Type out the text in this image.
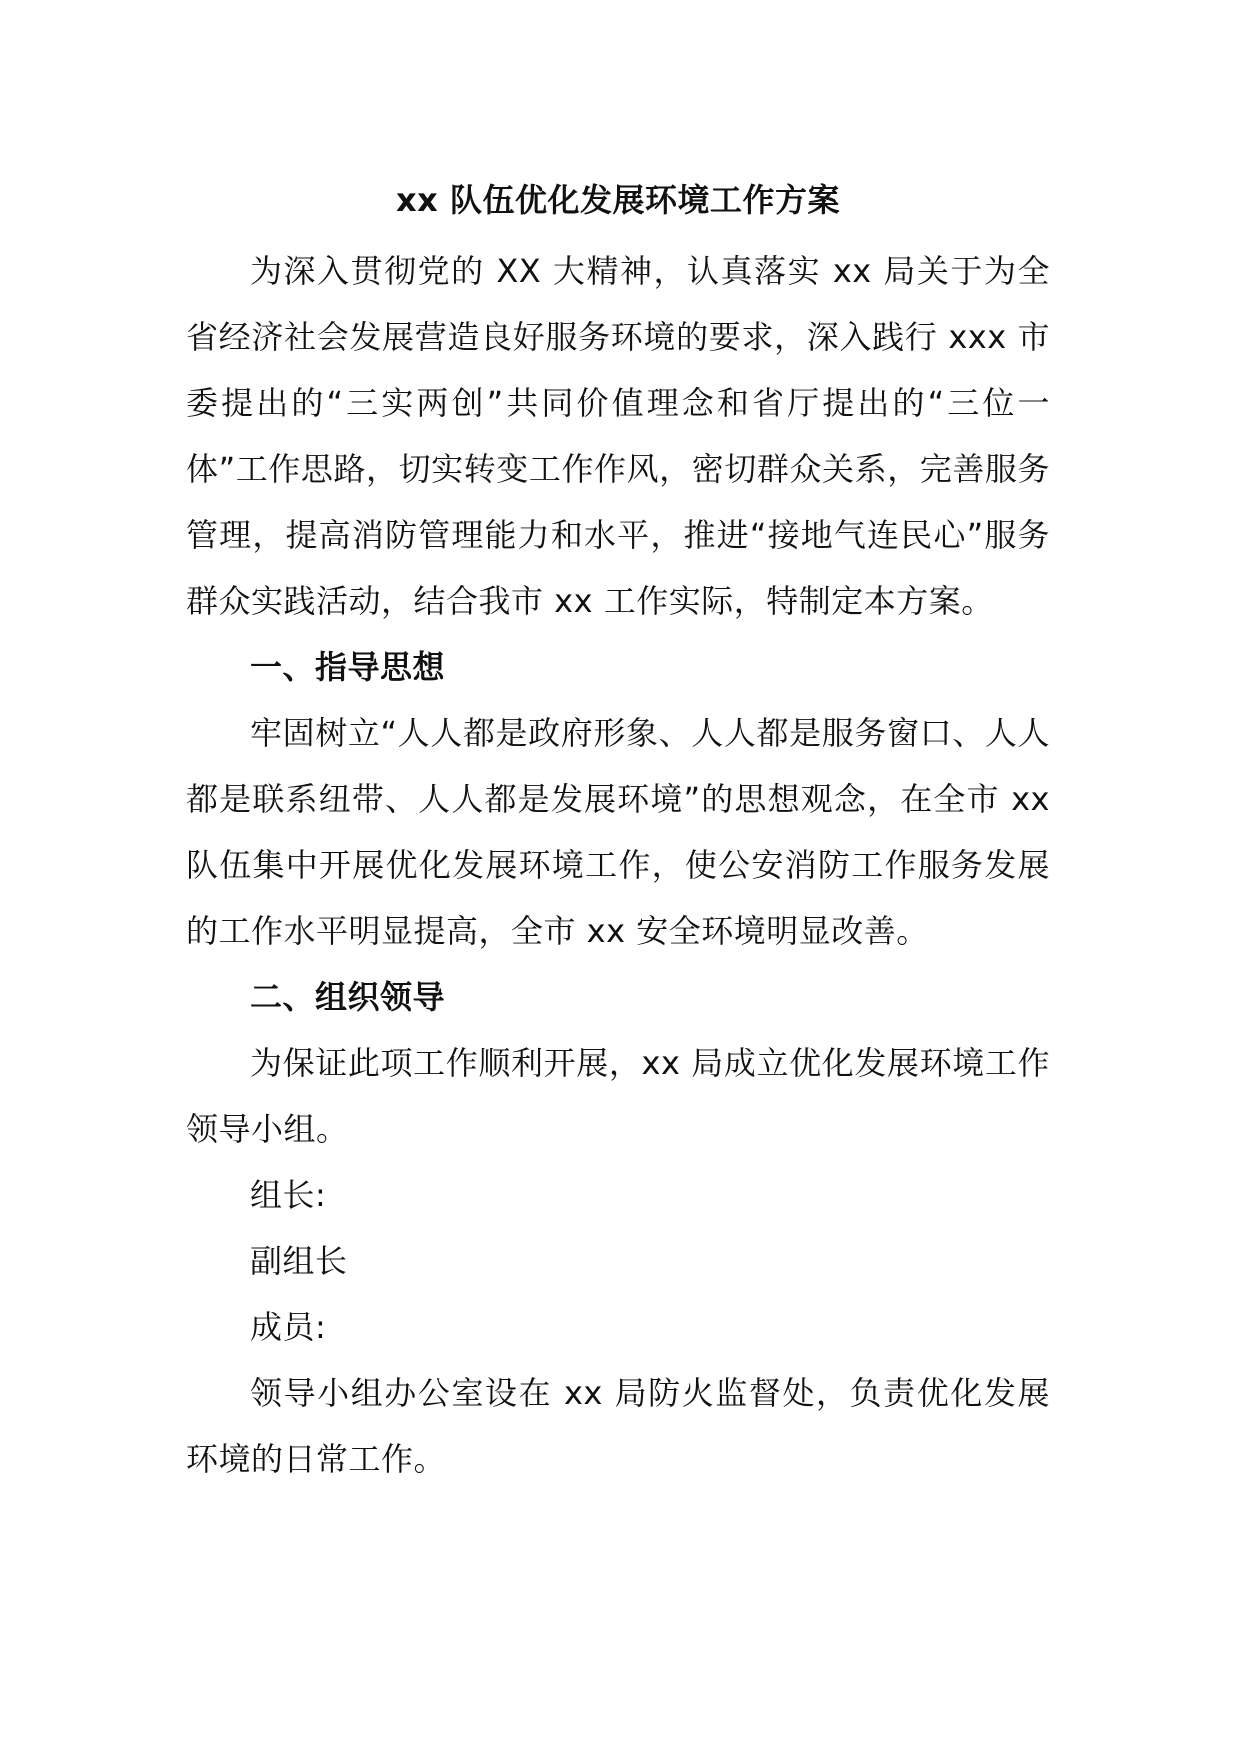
xx 队伍优化发展环境工作方案

为深入贯彻党的 XX 大精神，认真落实 xx 局关于为全省经济社会发展营造良好服务环境的要求，深入践行 xxx 市委提出的“三实两创”共同价值理念和省厅提出的“三位一体”工作思路，切实转变工作作风，密切群众关系，完善服务管理，提高消防管理能力和水平，推进“接地气连民心”服务群众实践活动，结合我市 xx 工作实际，特制定本方案。

一、指导思想

牢固树立“人人都是政府形象、人人都是服务窗口、人人都是联系纽带、人人都是发展环境”的思想观念，在全市 xx 队伍集中开展优化发展环境工作，使公安消防工作服务发展的工作水平明显提高，全市 xx 安全环境明显改善。

二、组织领导

为保证此项工作顺利开展，xx 局成立优化发展环境工作领导小组。

组长:

副组长

成员:

领导小组办公室设在 xx 局防火监督处，负责优化发展环境的日常工作。
